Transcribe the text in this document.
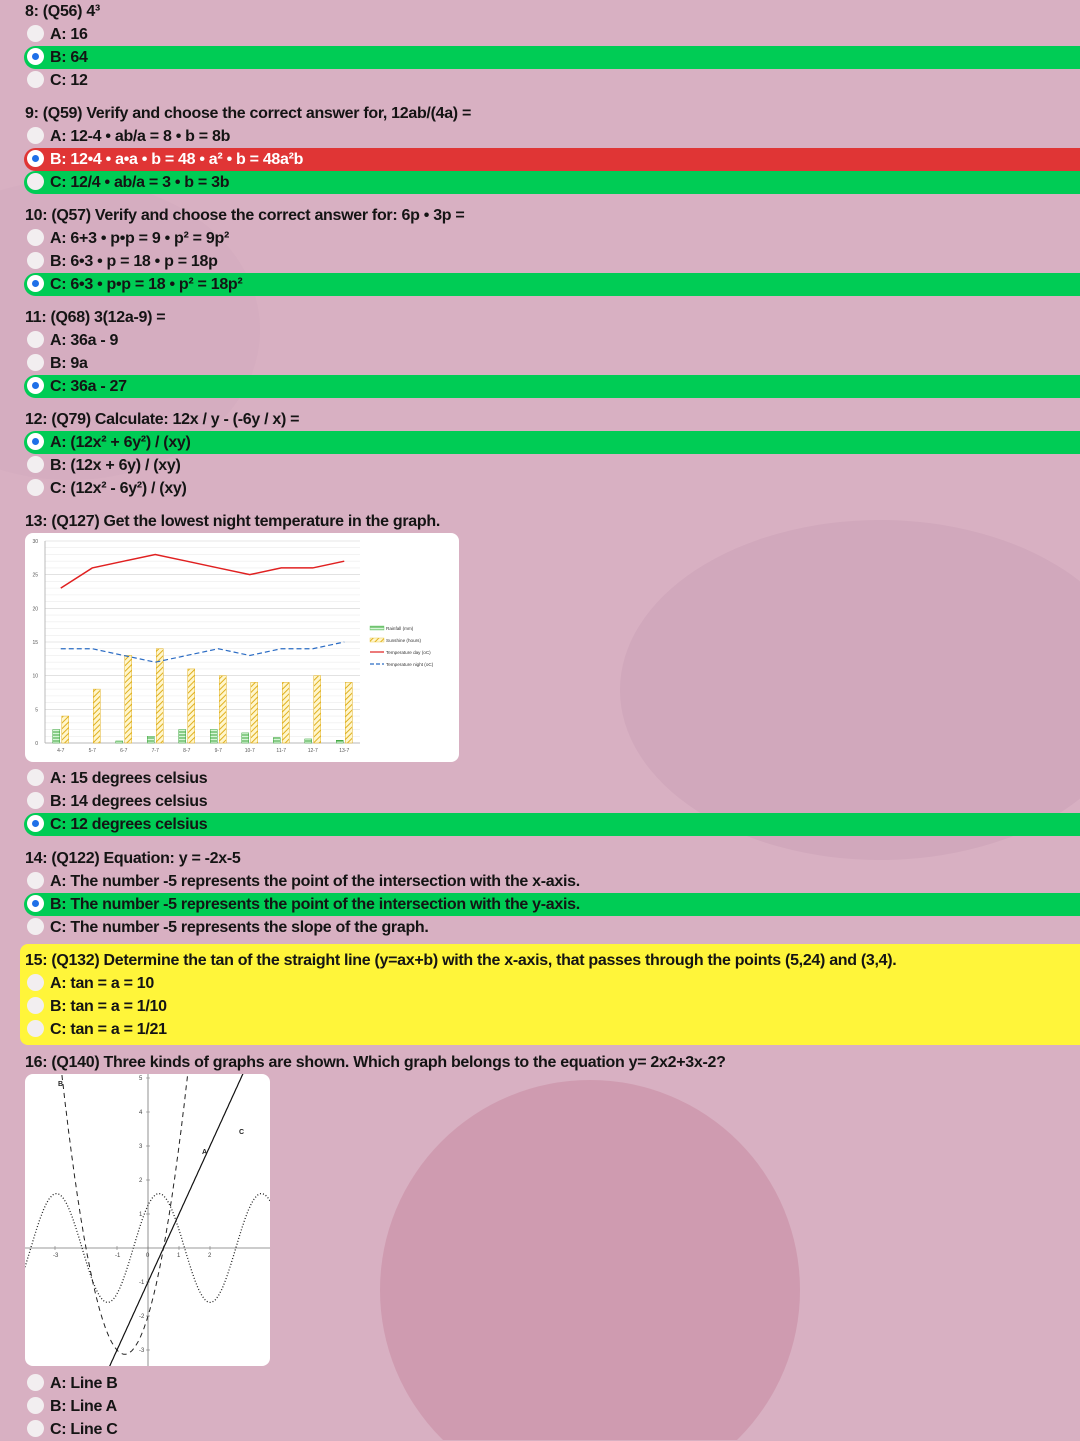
8: (Q56) 4³
A: 16
B: 64
C: 12
9: (Q59) Verify and choose the correct answer for, 12ab/(4a) =
A: 12-4 • ab/a = 8 • b = 8b
B: 12•4 • a•a • b = 48 • a² • b = 48a²b
C: 12/4 • ab/a = 3 • b = 3b
10: (Q57) Verify and choose the correct answer for: 6p • 3p =
A: 6+3 • p•p = 9 • p² = 9p²
B: 6•3 • p = 18 • p = 18p
C: 6•3 • p•p = 18 • p² = 18p²
11: (Q68) 3(12a-9) =
A: 36a - 9
B: 9a
C: 36a - 27
12: (Q79) Calculate: 12x / y - (-6y / x) =
A: (12x² + 6y²) / (xy)
B: (12x + 6y) / (xy)
C: (12x² - 6y²) / (xy)
13: (Q127) Get the lowest night temperature in the graph.
A: 15 degrees celsius
B: 14 degrees celsius
C: 12 degrees celsius
14: (Q122) Equation: y = -2x-5
A: The number -5 represents the point of the intersection with the x-axis.
B: The number -5 represents the point of the intersection with the y-axis.
C: The number -5 represents the slope of the graph.
15: (Q132) Determine the tan of the straight line (y=ax+b) with the x-axis, that passes through the points (5,24) and (3,4).
A: tan = a = 10
B: tan = a = 1/10
C: tan = a = 1/21
16: (Q140) Three kinds of graphs are shown. Which graph belongs to the equation y= 2x2+3x-2?
A: Line B
B: Line A
C: Line C
0
5
10
15
20
25
30
4-7	5-7	6-7	7-7	8-7	9-7	10-7	11-7	12-7	13-7
Rainfall (mm)
Sunshine (hours)
Temperature day (oC)
Temperature night (oC)
-3	-1	0	1	2
-3
-2
-1
1
2
3
4
5
A
B
C
